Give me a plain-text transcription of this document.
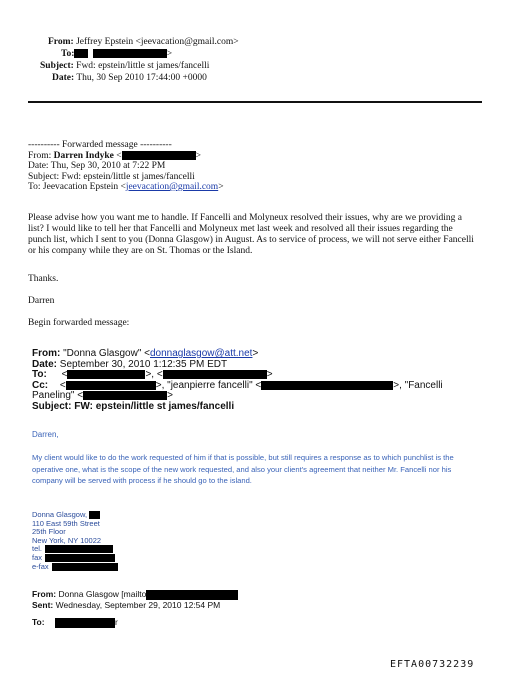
From: Jeffrey Epstein <jeevacation@gmail.com>
To:	>
Subject: Fwd: epstein/little st james/fancelli
Date: Thu, 30 Sep 2010 17:44:00 +0000
---------- Forwarded message ----------
From: Darren Indyke <	>
Date: Thu, Sep 30, 2010 at 7:22 PM
Subject: Fwd: epstein/little st james/fancelli
To: Jeevacation Epstein <jeevacation@gmail.com>
Please advise how you want me to handle. If Fancelli and Molyneux resolved their issues, why are we providing a list? I would like to tell her that Fancelli and Molyneux met last week and resolved all their issues regarding the punch list, which I sent to you (Donna Glasgow) in August. As to service of process, we will not serve either Fancelli or his company while they are on St. Thomas or the Island.
Thanks.
Darren
Begin forwarded message:
From: "Donna Glasgow" <donnaglasgow@att.net>
Date: September 30, 2010 1:12:35 PM EDT
To: <	>, <	>
Cc: <	>, "jeanpierre fancelli" <	>, "Fancelli
Paneling" <	>
Subject: FW: epstein/little st james/fancelli
Darren,
My client would like to do the work requested of him if that is possible, but still requires a response as to which punchlist is the operative one, what is the scope of the new work requested, and also your client's agreement that neither Mr. Fancelli nor his company will be served with process if he should go to the island.
Donna Glasgow,
110 East 59th Street
25th Floor
New York, NY 10022
tel.
fax
e-fax
From: Donna Glasgow [mailto
Sent: Wednesday, September 29, 2010 12:54 PM
To:	r
EFTA00732239
